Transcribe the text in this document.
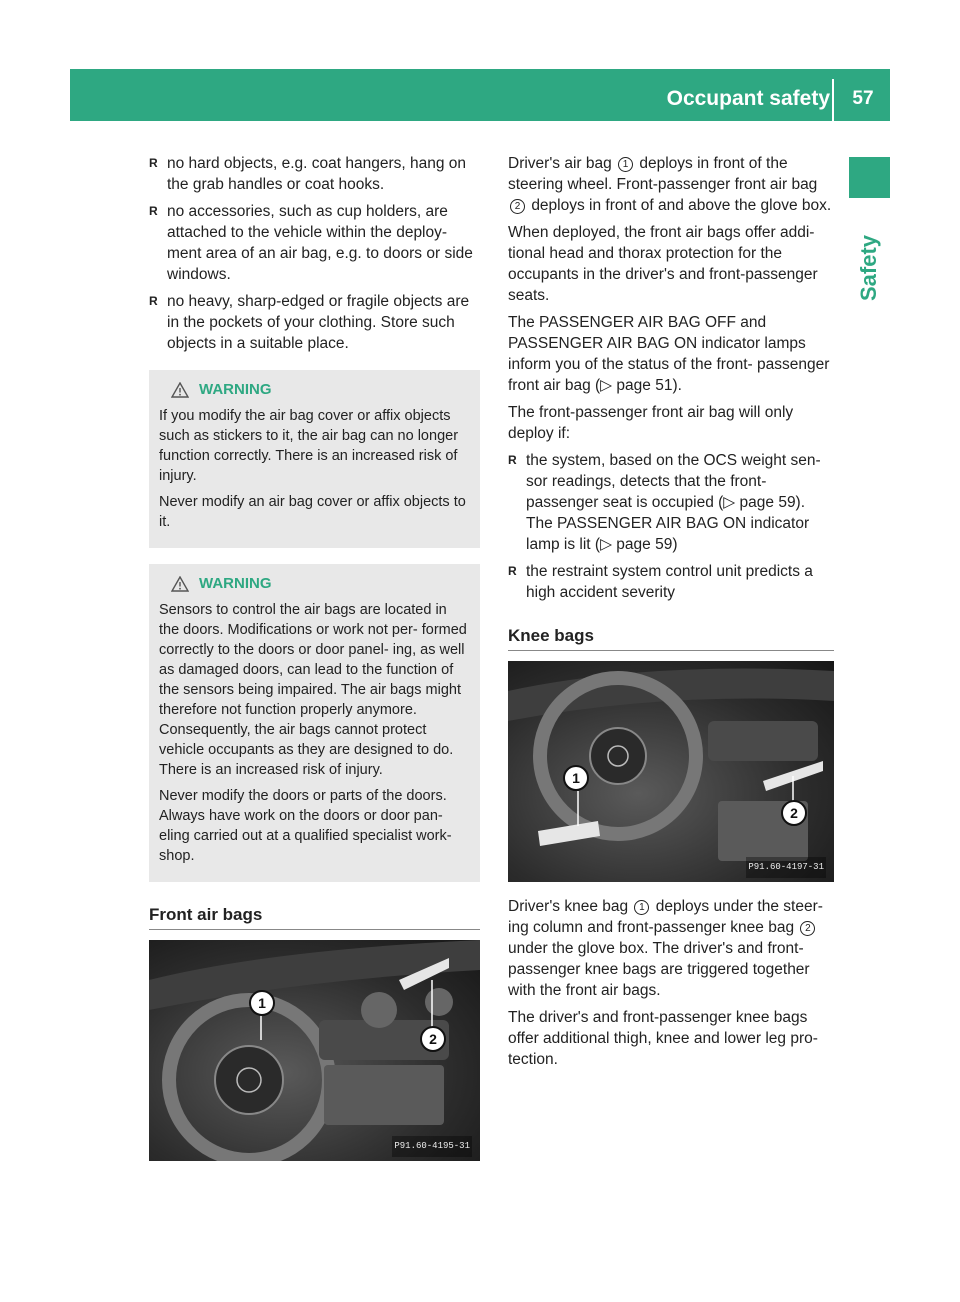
Occupant safety	57
Safety
R no hard objects, e.g. coat hangers, hang on the grab handles or coat hooks.
R no accessories, such as cup holders, are attached to the vehicle within the deploy- ment area of an air bag, e.g. to doors or side windows.
R no heavy, sharp-edged or fragile objects are in the pockets of your clothing. Store such objects in a suitable place.
WARNING

If you modify the air bag cover or affix objects such as stickers to it, the air bag can no longer function correctly. There is an increased risk of injury.

Never modify an air bag cover or affix objects to it.

WARNING

Sensors to control the air bags are located in the doors. Modifications or work not per- formed correctly to the doors or door panel- ing, as well as damaged doors, can lead to the function of the sensors being impaired. The air bags might therefore not function properly anymore. Consequently, the air bags cannot protect vehicle occupants as they are designed to do. There is an increased risk of injury.

Never modify the doors or parts of the doors. Always have work on the doors or door pan- eling carried out at a qualified specialist work- shop.

Front air bags
1
2
P91.60-4195-31

Driver's air bag 1 deploys in front of the steering wheel. Front-passenger front air bag 2 deploys in front of and above the glove box.

When deployed, the front air bags offer addi- tional head and thorax protection for the occupants in the driver's and front-passenger seats.

The PASSENGER AIR BAG OFF and PASSENGER AIR BAG ON indicator lamps inform you of the status of the front- passenger front air bag (▷ page 51).

The front-passenger front air bag will only deploy if:

R the system, based on the OCS weight sen- sor readings, detects that the front- passenger seat is occupied (▷ page 59). The PASSENGER AIR BAG ON indicator lamp is lit (▷ page 59)
R the restraint system control unit predicts a high accident severity
Knee bags
1
2
P91.60-4197-31

Driver's knee bag 1 deploys under the steer- ing column and front-passenger knee bag 2 under the glove box. The driver's and front- passenger knee bags are triggered together with the front air bags.

The driver's and front-passenger knee bags offer additional thigh, knee and lower leg pro- tection.
